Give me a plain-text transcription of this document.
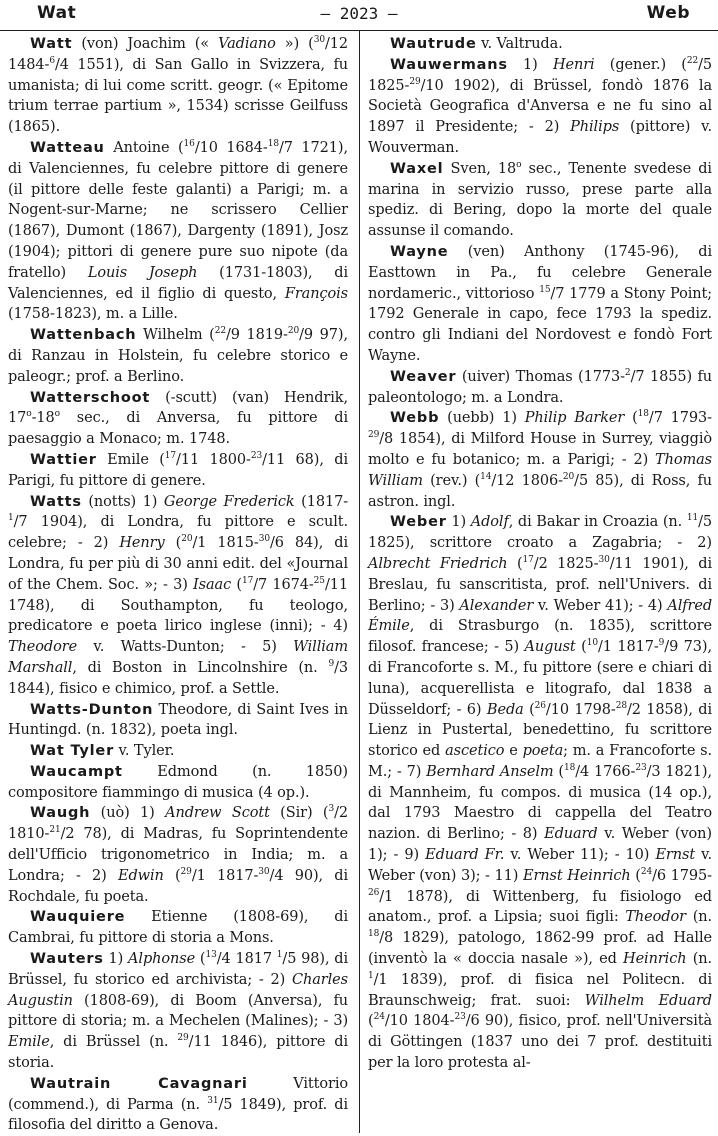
Wat	— 2023 —	Web

Watt (von) Joachim (« Vadiano ») ($^{30}$/12 1484-$^6$/4 1551), di San Gallo in Svizzera, fu umanista; di lui come scritt. geogr. (« Epitome trium terrae partium », 1534) scrisse Geilfuss (1865).

Watteau Antoine ($^{16}$/10 1684-$^{18}$/7 1721), di Valenciennes, fu celebre pittore di genere (il pittore delle feste galanti) a Parigi; m. a Nogent-sur-Marne; ne scrissero Cellier (1867), Dumont (1867), Dargenty (1891), Josz (1904); pittori di genere pure suo nipote (da fratello) Louis Joseph (1731-1803), di Valenciennes, ed il figlio di questo, François (1758-1823), m. a Lille.

Wattenbach Wilhelm ($^{22}$/9 1819-$^{20}$/9 97), di Ranzau in Holstein, fu celebre storico e paleogr.; prof. a Berlino.

Watterschoot (-scutt) (van) Hendrik, 17$^o$-18$^o$ sec., di Anversa, fu pittore di paesaggio a Monaco; m. 1748.

Wattier Emile ($^{17}$/11 1800-$^{23}$/11 68), di Parigi, fu pittore di genere.

Watts (notts) 1) George Frederick (1817-$^1$/7 1904), di Londra, fu pittore e scult. celebre; - 2) Henry ($^{20}$/1 1815-$^{30}$/6 84), di Londra, fu per più di 30 anni edit. del «Journal of the Chem. Soc. »; - 3) Isaac ($^{17}$/7 1674-$^{25}$/11 1748), di Southampton, fu teologo, predicatore e poeta lirico inglese (inni); - 4) Theodore v. Watts-Dunton; - 5) William Marshall, di Boston in Lincolnshire (n. $^9$/3 1844), fisico e chimico, prof. a Settle.

Watts-Dunton Theodore, di Saint Ives in Huntingd. (n. 1832), poeta ingl.

Wat Tyler v. Tyler.

Waucampt Edmond (n. 1850) compositore fiammingo di musica (4 op.).

Waugh (uò) 1) Andrew Scott (Sir) ($^3$/2 1810-$^{21}$/2 78), di Madras, fu Soprintendente dell'Ufficio trigonometrico in India; m. a Londra; - 2) Edwin ($^{29}$/1 1817-$^{30}$/4 90), di Rochdale, fu poeta.

Wauquiere Etienne (1808-69), di Cambrai, fu pittore di storia a Mons.

Wauters 1) Alphonse ($^{13}$/4 1817 $^1$/5 98), di Brüssel, fu storico ed archivista; - 2) Charles Augustin (1808-69), di Boom (Anversa), fu pittore di storia; m. a Mechelen (Malines); - 3) Emile, di Brüssel (n. $^{29}$/11 1846), pittore di storia.

Wautrain Cavagnari Vittorio (commend.), di Parma (n. $^{31}$/5 1849), prof. di filosofia del diritto a Genova.

Wautrude v. Valtruda.

Wauwermans 1) Henri (gener.) ($^{22}$/5 1825-$^{29}$/10 1902), di Brüssel, fondò 1876 la Società Geografica d'Anversa e ne fu sino al 1897 il Presidente; - 2) Philips (pittore) v. Wouverman.

Waxel Sven, 18$^o$ sec., Tenente svedese di marina in servizio russo, prese parte alla spediz. di Bering, dopo la morte del quale assunse il comando.

Wayne (ven) Anthony (1745-96), di Easttown in Pa., fu celebre Generale nordameric., vittorioso $^{15}$/7 1779 a Stony Point; 1792 Generale in capo, fece 1793 la spediz. contro gli Indiani del Nordovest e fondò Fort Wayne.

Weaver (uiver) Thomas (1773-$^2$/7 1855) fu paleontologo; m. a Londra.

Webb (uebb) 1) Philip Barker ($^{18}$/7 1793-$^{29}$/8 1854), di Milford House in Surrey, viaggiò molto e fu botanico; m. a Parigi; - 2) Thomas William (rev.) ($^{14}$/12 1806-$^{20}$/5 85), di Ross, fu astron. ingl.

Weber 1) Adolf, di Bakar in Croazia (n. $^{11}$/5 1825), scrittore croato a Zagabria; - 2) Albrecht Friedrich ($^{17}$/2 1825-$^{30}$/11 1901), di Breslau, fu sanscritista, prof. nell'Univers. di Berlino; - 3) Alexander v. Weber 41); - 4) Alfred Émile, di Strasburgo (n. 1835), scrittore filosof. francese; - 5) August ($^{10}$/1 1817-$^9$/9 73), di Francoforte s. M., fu pittore (sere e chiari di luna), acquerellista e litografo, dal 1838 a Düsseldorf; - 6) Beda ($^{26}$/10 1798-$^{28}$/2 1858), di Lienz in Pustertal, benedettino, fu scrittore storico ed ascetico e poeta; m. a Francoforte s. M.; - 7) Bernhard Anselm ($^{18}$/4 1766-$^{23}$/3 1821), di Mannheim, fu compos. di musica (14 op.), dal 1793 Maestro di cappella del Teatro nazion. di Berlino; - 8) Eduard v. Weber (von) 1); - 9) Eduard Fr. v. Weber 11); - 10) Ernst v. Weber (von) 3); - 11) Ernst Heinrich ($^{24}$/6 1795-$^{26}$/1 1878), di Wittenberg, fu fisiologo ed anatom., prof. a Lipsia; suoi figli: Theodor (n. $^{18}$/8 1829), patologo, 1862-99 prof. ad Halle (inventò la « doccia nasale »), ed Heinrich (n. $^1$/1 1839), prof. di fisica nel Politecn. di Braunschweig; frat. suoi: Wilhelm Eduard ($^{24}$/10 1804-$^{23}$/6 90), fisico, prof. nell'Università di Göttingen (1837 uno dei 7 prof. destituiti per la loro protesta al-
